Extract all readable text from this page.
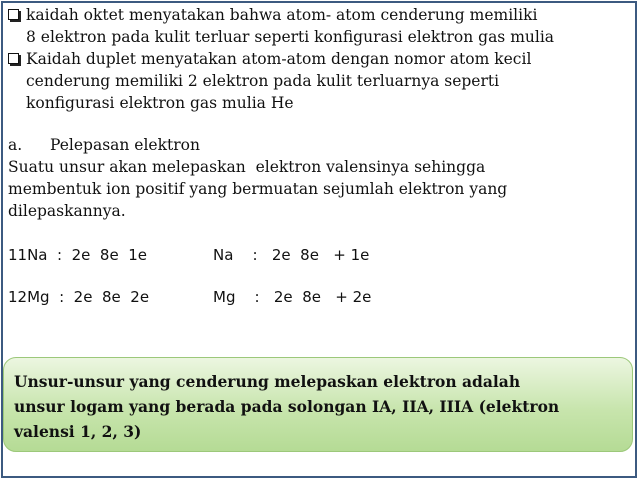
kaidah oktet menyatakan bahwa atom- atom cenderung memiliki
8 elektron pada kulit terluar seperti konfigurasi elektron gas mulia
Kaidah duplet menyatakan atom-atom dengan nomor atom kecil
cenderung memiliki 2 elektron pada kulit terluarnya seperti
konfigurasi elektron gas mulia He
a.	Pelepasan elektron
Suatu unsur akan melepaskan  elektron valensinya sehingga
membentuk ion positif yang bermuatan sejumlah elektron yang
dilepaskannya.
11Na  :  2e  8e  1e	Na    :   2e  8e   + 1e
12Mg  :  2e  8e  2e	Mg    :   2e  8e   + 2e
Unsur-unsur yang cenderung melepaskan elektron adalah
unsur logam yang berada pada solongan IA, IIA, IIIA (elektron
valensi 1, 2, 3)
